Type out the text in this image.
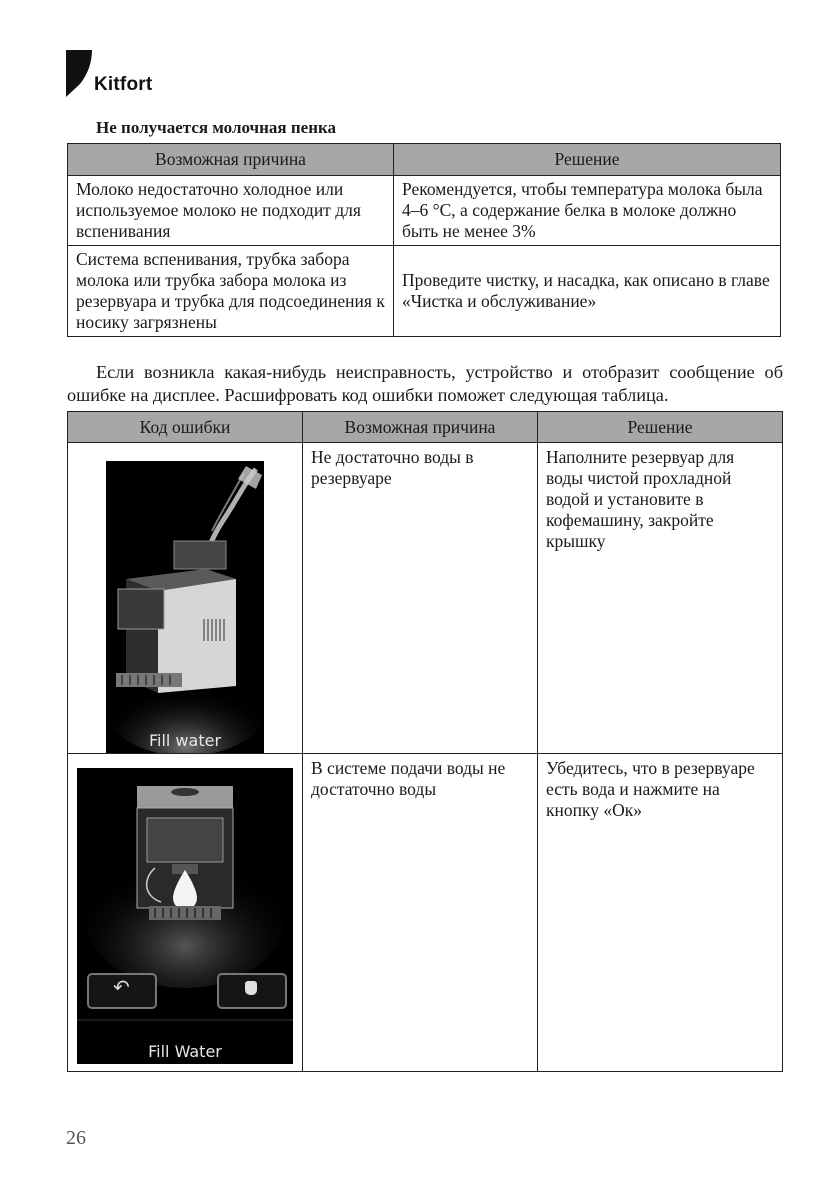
Kitfort
Не получается молочная пенка
Возможная причина	Решение
Молоко недостаточно холодное или используемое молоко не подходит для вспенивания	Рекомендуется, чтобы температура молока была 4–6 °C, а содержание белка в молоке должно быть не менее 3%
Система вспенивания, трубка забора молока или трубка забора молока из резервуара и трубка для подсоединения к носику загрязнены	Проведите чистку, и насадка, как описано в главе «Чистка и обслуживание»
Если возникла какая-нибудь неисправность, устройство и отобразит сообщение об ошибке на дисплее. Расшифровать код ошибки поможет следующая таблица.
Код ошибки	Возможная причина	Решение

Fill water	Не достаточно воды в резервуаре	Наполните резервуар для воды чистой прохладной водой и установите в кофемашину, закройте крышку

↶
Fill Water	В системе подачи воды не достаточно воды	Убедитесь, что в резервуаре есть вода и нажмите на кнопку «Ок»
26
